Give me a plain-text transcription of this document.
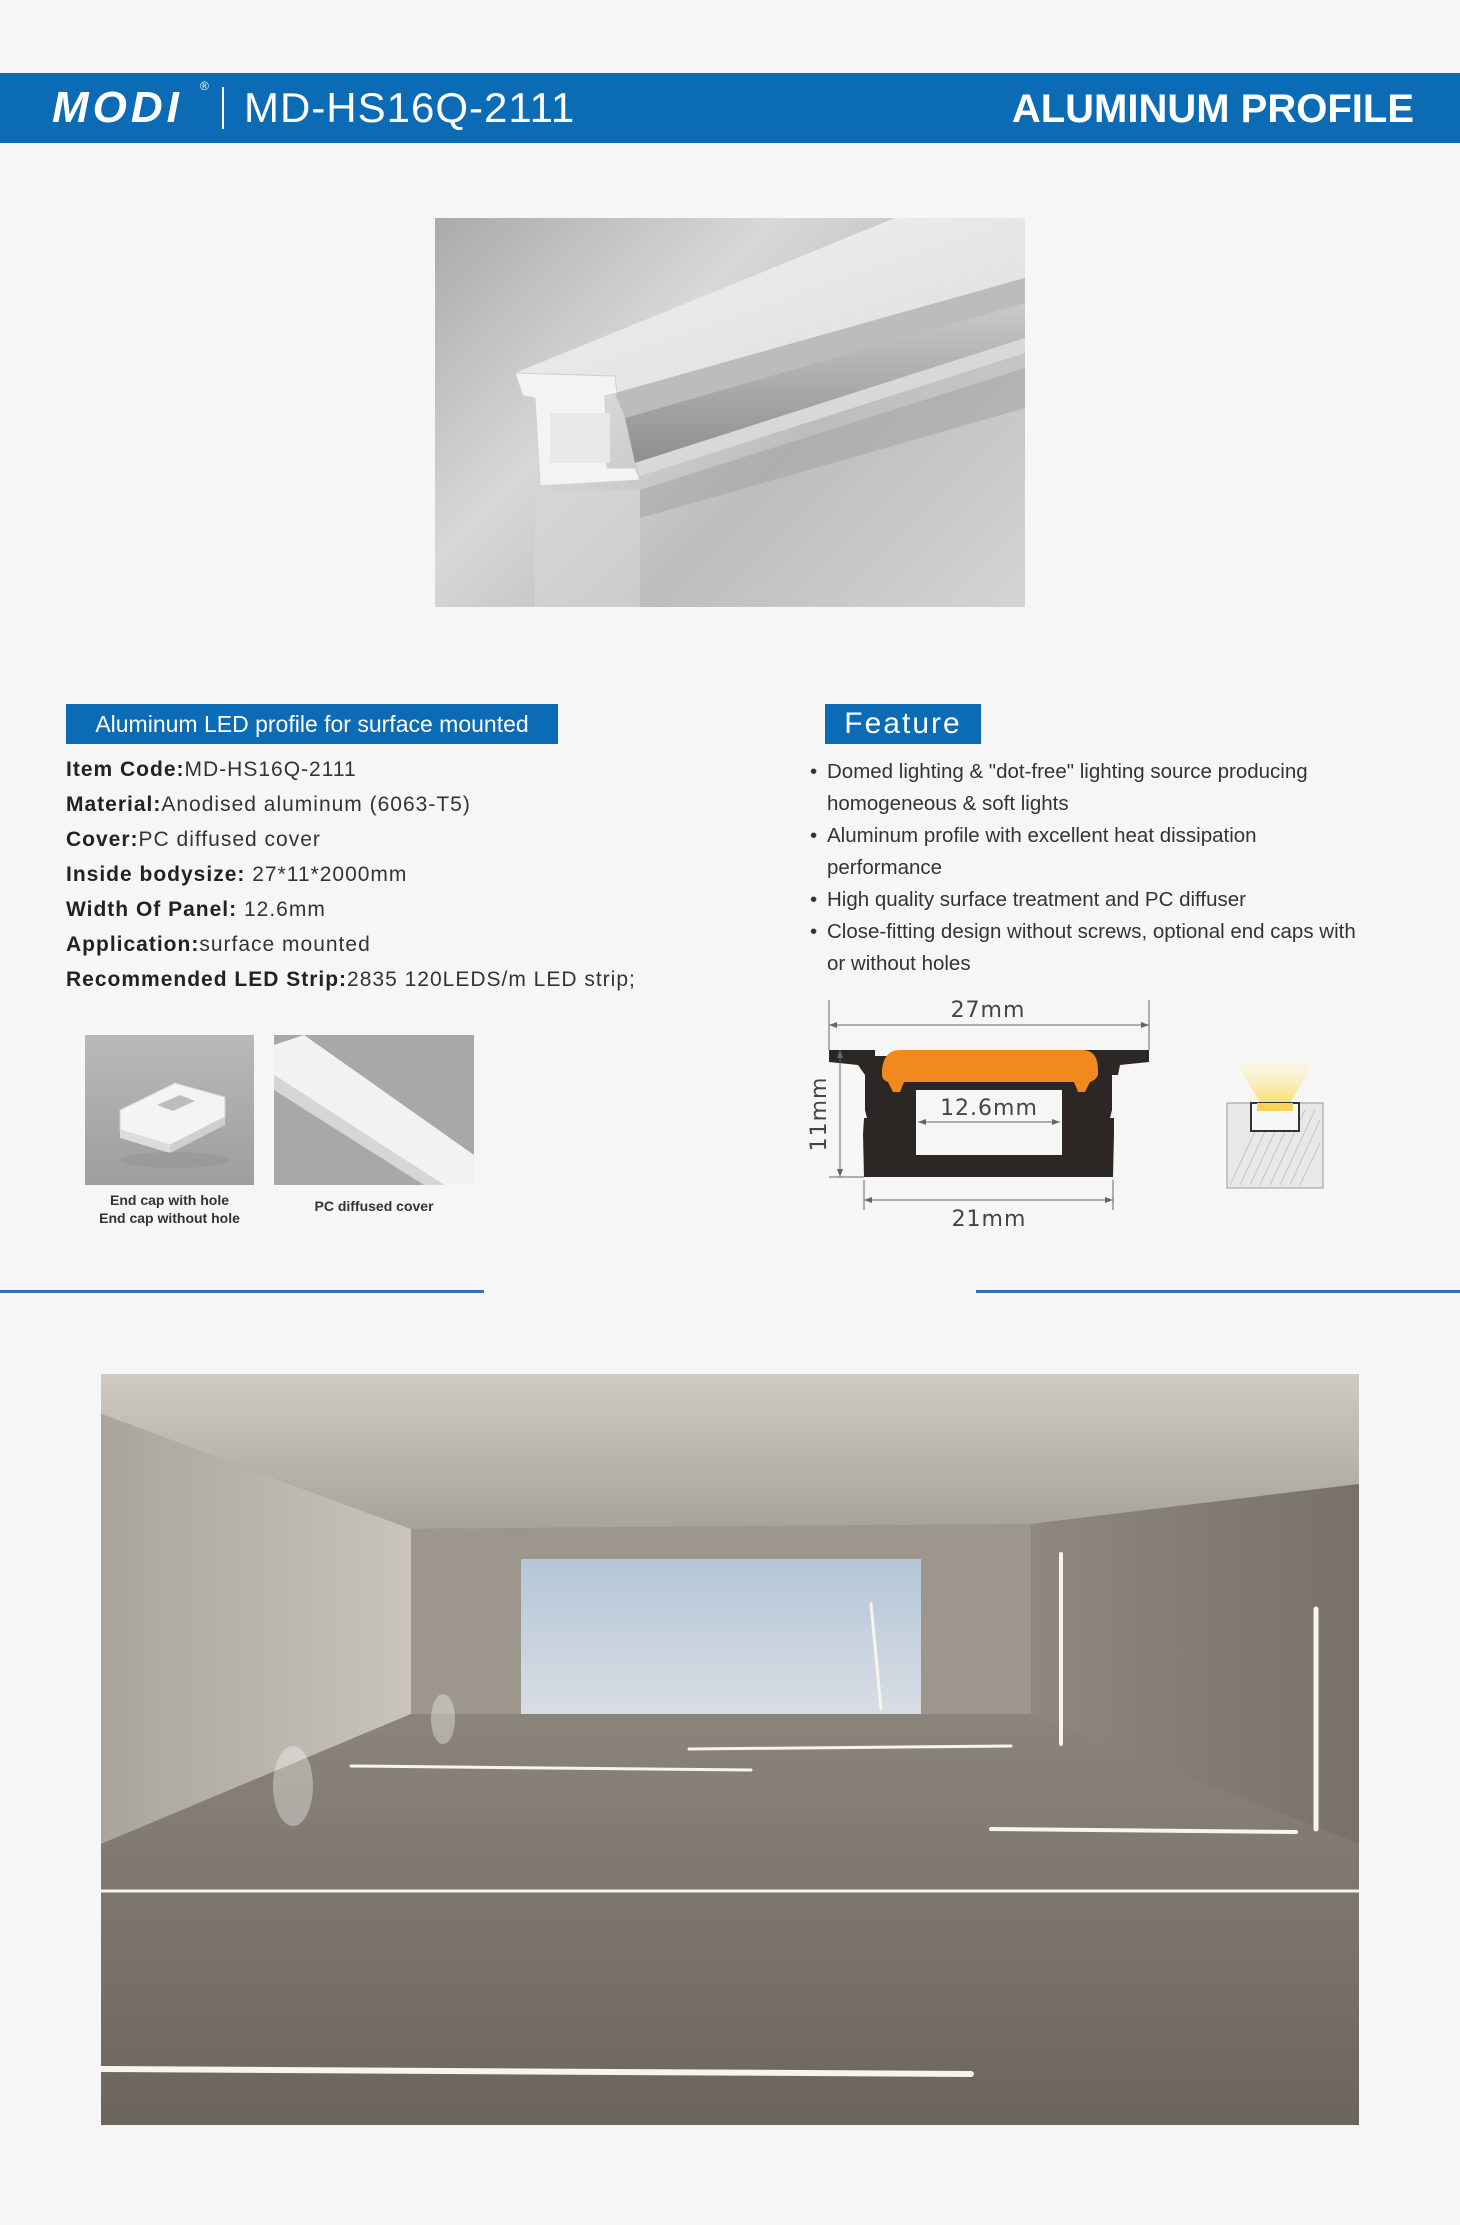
MODI ® MD-HS16Q-2111	ALUMINUM PROFILE
Aluminum LED profile for surface mounted
Item Code:MD-HS16Q-2111
Material:Anodised aluminum (6063-T5)
Cover:PC diffused cover
Inside bodysize: 27*11*2000mm
Width Of Panel: 12.6mm
Application:surface mounted
Recommended LED Strip:2835 120LEDS/m LED strip;
Feature
• Domed lighting & "dot-free" lighting source producing homogeneous & soft lights
• Aluminum profile with excellent heat dissipation performance
• High quality surface treatment and PC diffuser
• Close-fitting design without screws, optional end caps with or without holes
End cap with hole
End cap without hole
PC diffused cover
27mm
12.6mm
11mm
21mm
